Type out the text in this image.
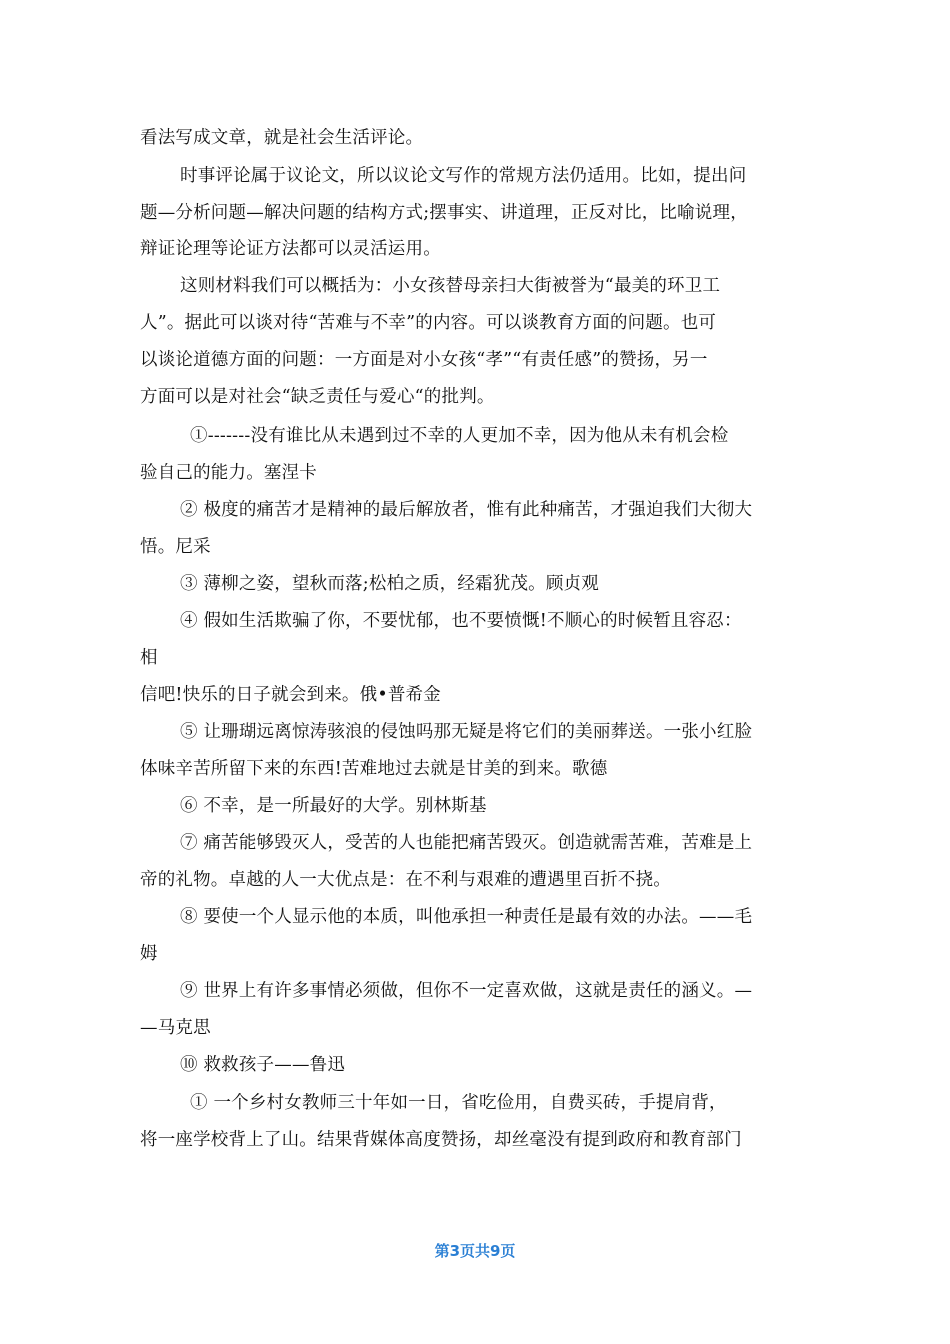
看法写成文章，就是社会生活评论。
时事评论属于议论文，所以议论文写作的常规方法仍适用。比如，提出问
题—分析问题—解决问题的结构方式;摆事实、讲道理，正反对比，比喻说理，
辩证论理等论证方法都可以灵活运用。
这则材料我们可以概括为：小女孩替母亲扫大街被誉为“最美的环卫工
人”。据此可以谈对待“苦难与不幸”的内容。可以谈教育方面的问题。也可
以谈论道德方面的问题：一方面是对小女孩“孝”“有责任感”的赞扬，另一
方面可以是对社会“缺乏责任与爱心“的批判。
①-------没有谁比从未遇到过不幸的人更加不幸，因为他从未有机会检
验自己的能力。塞涅卡
② 极度的痛苦才是精神的最后解放者，惟有此种痛苦，才强迫我们大彻大
悟。尼采
③ 薄柳之姿，望秋而落;松柏之质，经霜犹茂。顾贞观
④ 假如生活欺骗了你，不要忧郁，也不要愤慨!不顺心的时候暂且容忍：
相
信吧!快乐的日子就会到来。俄•普希金
⑤ 让珊瑚远离惊涛骇浪的侵蚀吗那无疑是将它们的美丽葬送。一张小红脸
体味辛苦所留下来的东西!苦难地过去就是甘美的到来。歌德
⑥ 不幸，是一所最好的大学。别林斯基
⑦ 痛苦能够毁灭人，受苦的人也能把痛苦毁灭。创造就需苦难，苦难是上
帝的礼物。卓越的人一大优点是：在不利与艰难的遭遇里百折不挠。
⑧ 要使一个人显示他的本质，叫他承担一种责任是最有效的办法。——毛
姆
⑨ 世界上有许多事情必须做，但你不一定喜欢做，这就是责任的涵义。—
—马克思
⑩ 救救孩子——鲁迅
① 一个乡村女教师三十年如一日，省吃俭用，自费买砖，手提肩背，
将一座学校背上了山。结果背媒体高度赞扬，却丝毫没有提到政府和教育部门
第3页共9页
